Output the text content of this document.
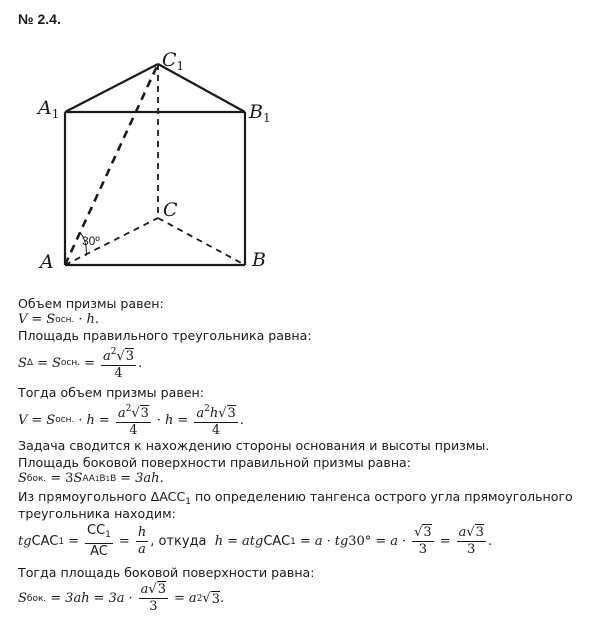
№ 2.4.
30º
$C_1$
$A_1$	$B_1$
C
A	B
Объем призмы равен:
V = S осн. · h.
Площадь правильного треугольника равна:
S Δ = S осн. = $\frac{a^2√3}{4}$ .
Тогда объем призмы равен:
V = S осн. · $h = \frac{a^2√3}{4} \cdot h = \frac{a^2h√3}{4}$ .
Задача сводится к нахождению стороны основания и высоты призмы.
Площадь боковой поверхности правильной призмы равна:
S бок. = 3 S AA1B1B = 3ah .
Из прямоугольного $\Delta ACC_1$ по определению тангенса острого угла прямоугольного
треугольника находим:
tg CAC $1 = \frac{CC_1}{AC} = \frac{h}{a}$ , откуда
h = a tg CAC 1 = a · tg $30^\circ = a \cdot \frac{√3}{3} = \frac{a√3}{3}$ .
Тогда площадь боковой поверхности равна:
S бок. = $3ah = 3a \cdot \frac{a√3}{3} = a$ 2 √ 3 .
